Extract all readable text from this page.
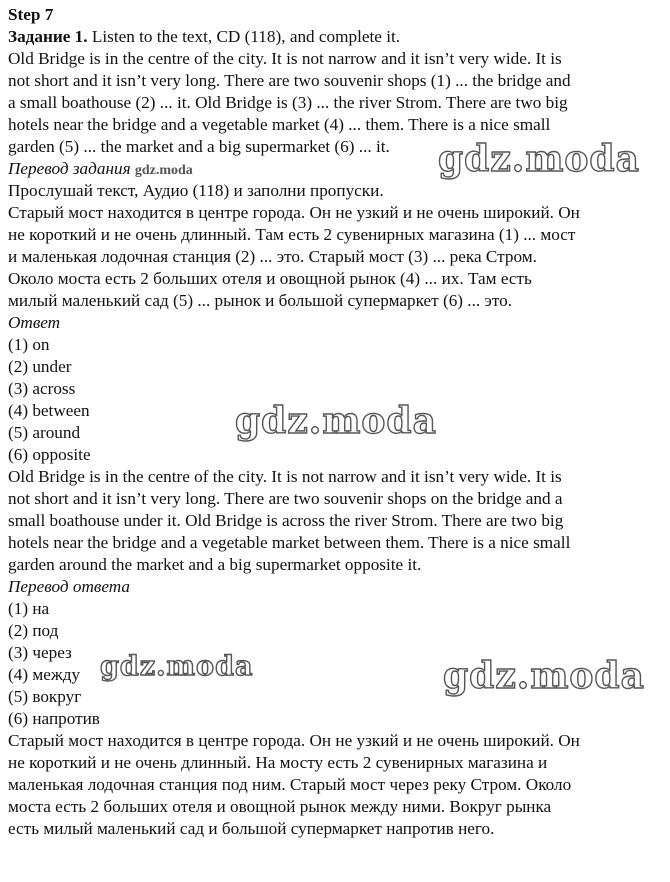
Step 7
Задание 1. Listen to the text, CD (118), and complete it.
Old Bridge is in the centre of the city. It is not narrow and it isn’t very wide. It is
not short and it isn’t very long. There are two souvenir shops (1) ... the bridge and
a small boathouse (2) ... it. Old Bridge is (3) ... the river Strom. There are two big
hotels near the bridge and a vegetable market (4) ... them. There is a nice small
garden (5) ... the market and a big supermarket (6) ... it.
Перевод задания gdz.moda
Прослушай текст, Аудио (118) и заполни пропуски.
Старый мост находится в центре города. Он не узкий и не очень широкий. Он
не короткий и не очень длинный. Там есть 2 сувенирных магазина (1) ... мост
и маленькая лодочная станция (2) ... это. Старый мост (3) ... река Стром.
Около моста есть 2 больших отеля и овощной рынок (4) ... их. Там есть
милый маленький сад (5) ... рынок и большой супермаркет (6) ... это.
Ответ
(1) on
(2) under
(3) across
(4) between
(5) around
(6) opposite
Old Bridge is in the centre of the city. It is not narrow and it isn’t very wide. It is
not short and it isn’t very long. There are two souvenir shops on the bridge and a
small boathouse under it. Old Bridge is across the river Strom. There are two big
hotels near the bridge and a vegetable market between them. There is a nice small
garden around the market and a big supermarket opposite it.
Перевод ответа
(1) на
(2) под
(3) через
(4) между
(5) вокруг
(6) напротив
Старый мост находится в центре города. Он не узкий и не очень широкий. Он
не короткий и не очень длинный. На мосту есть 2 сувенирных магазина и
маленькая лодочная станция под ним. Старый мост через реку Стром. Около
моста есть 2 больших отеля и овощной рынок между ними. Вокруг рынка
есть милый маленький сад и большой супермаркет напротив него.
gdz.moda
gdz.moda
gdz.moda	gdz.moda
